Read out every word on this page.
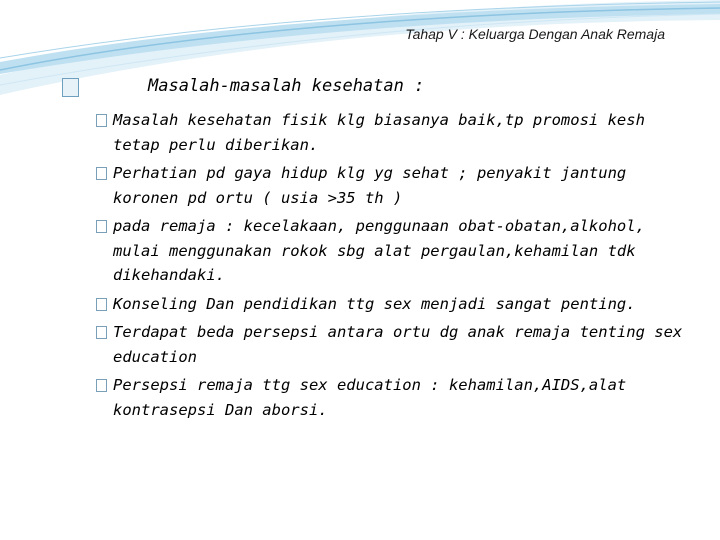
Tahap V : Keluarga Dengan Anak Remaja
Masalah-masalah kesehatan :
Masalah kesehatan fisik klg biasanya baik,tp promosi kesh tetap perlu diberikan.
Perhatian pd gaya hidup klg yg sehat ; penyakit jantung koronen pd ortu ( usia >35 th )
pada remaja : kecelakaan, penggunaan obat-obatan,alkohol, mulai menggunakan rokok sbg alat pergaulan,kehamilan tdk dikehandaki.
Konseling Dan pendidikan ttg sex menjadi sangat penting.
Terdapat beda persepsi antara ortu dg anak remaja tenting sex education
Persepsi remaja ttg sex education : kehamilan,AIDS,alat kontrasepsi Dan aborsi.
